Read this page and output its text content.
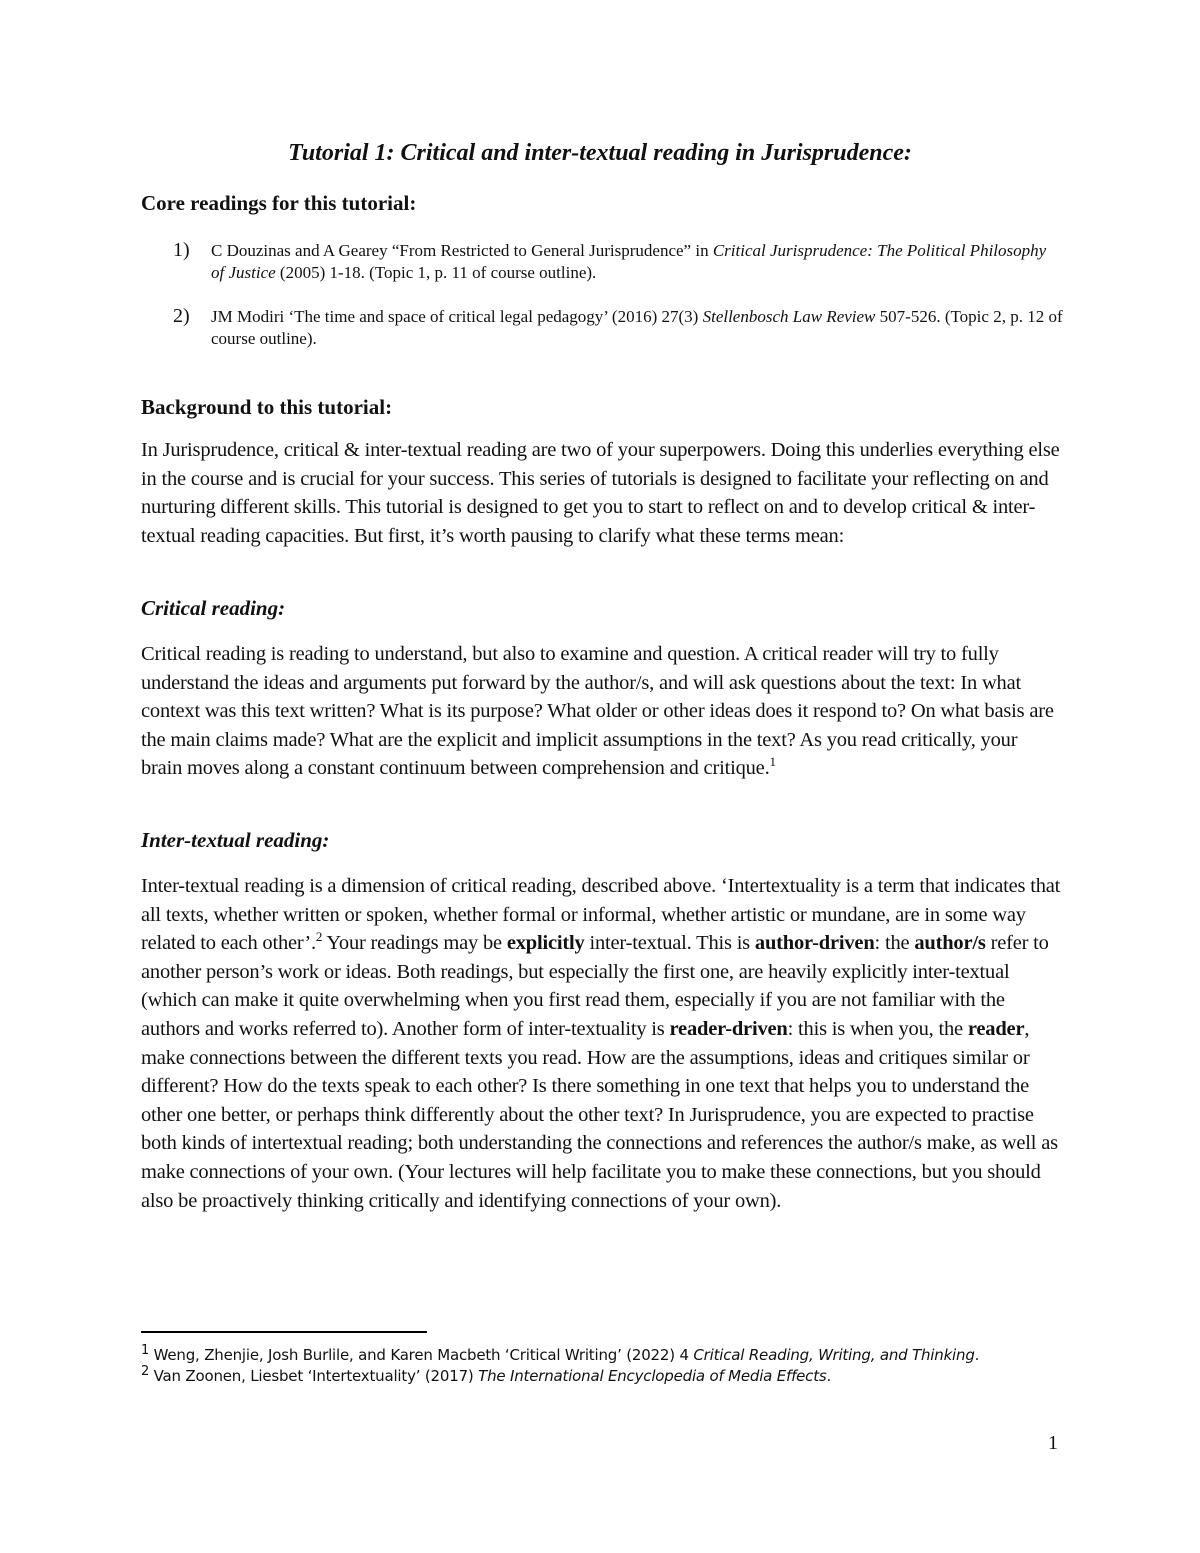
Tutorial 1: Critical and inter-textual reading in Jurisprudence:
Core readings for this tutorial:
1) C Douzinas and A Gearey “From Restricted to General Jurisprudence” in Critical Jurisprudence: The Political Philosophy of Justice (2005) 1-18. (Topic 1, p. 11 of course outline).
2) JM Modiri ‘The time and space of critical legal pedagogy’ (2016) 27(3) Stellenbosch Law Review 507-526. (Topic 2, p. 12 of course outline).
Background to this tutorial:

In Jurisprudence, critical & inter-textual reading are two of your superpowers. Doing this underlies everything else in the course and is crucial for your success. This series of tutorials is designed to facilitate your reflecting on and nurturing different skills. This tutorial is designed to get you to start to reflect on and to develop critical & inter-textual reading capacities. But first, it’s worth pausing to clarify what these terms mean:

Critical reading:

Critical reading is reading to understand, but also to examine and question. A critical reader will try to fully understand the ideas and arguments put forward by the author/s, and will ask questions about the text: In what context was this text written? What is its purpose? What older or other ideas does it respond to? On what basis are the main claims made? What are the explicit and implicit assumptions in the text? As you read critically, your brain moves along a constant continuum between comprehension and critique.$^1$

Inter-textual reading:

Inter-textual reading is a dimension of critical reading, described above. ‘Intertextuality is a term that indicates that all texts, whether written or spoken, whether formal or informal, whether artistic or mundane, are in some way related to each other’.$^2$ Your readings may be explicitly inter-textual. This is author-driven: the author/s refer to another person’s work or ideas. Both readings, but especially the first one, are heavily explicitly inter-textual (which can make it quite overwhelming when you first read them, especially if you are not familiar with the authors and works referred to). Another form of inter-textuality is reader-driven: this is when you, the reader, make connections between the different texts you read. How are the assumptions, ideas and critiques similar or different? How do the texts speak to each other? Is there something in one text that helps you to understand the other one better, or perhaps think differently about the other text? In Jurisprudence, you are expected to practise both kinds of intertextual reading; both understanding the connections and references the author/s make, as well as make connections of your own. (Your lectures will help facilitate you to make these connections, but you should also be proactively thinking critically and identifying connections of your own).

$^1$ Weng, Zhenjie, Josh Burlile, and Karen Macbeth ‘Critical Writing’ (2022) 4 Critical Reading, Writing, and Thinking.

$^2$ Van Zoonen, Liesbet ‘Intertextuality’ (2017) The International Encyclopedia of Media Effects.

1
